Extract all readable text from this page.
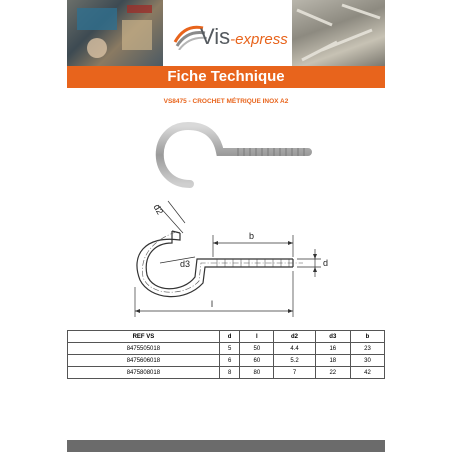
Vis-express
Fiche Technique
VS8475 - CROCHET MÉTRIQUE INOX A2
d2
d3
b
d
l
REF VS	d	l	d2	d3	b
8475505018	5	50	4.4	16	23
8475606018	6	60	5.2	18	30
8475808018	8	80	7	22	42
